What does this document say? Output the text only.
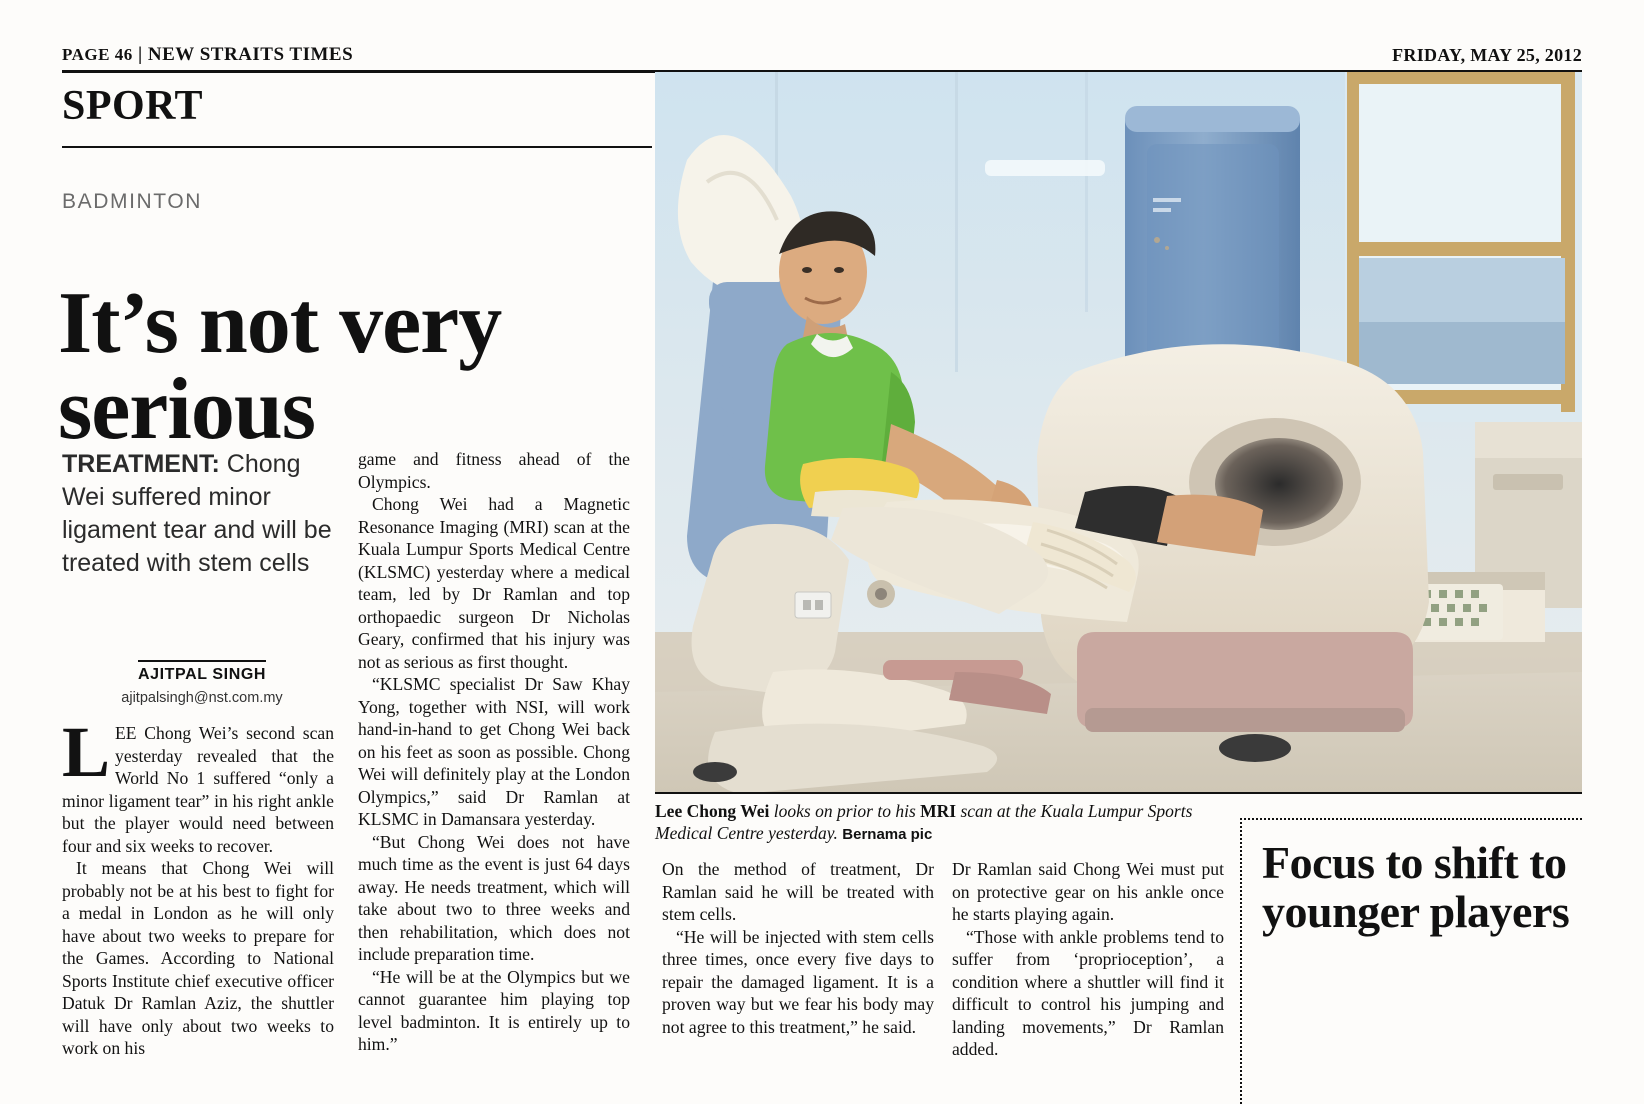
PAGE 46 | NEW STRAITS TIMES	FRIDAY, MAY 25, 2012
SPORT
BADMINTON
It’s not very serious
TREATMENT: Chong Wei suffered minor ligament tear and will be treated with stem cells
AJITPAL SINGH
ajitpalsingh@nst.com.my

LEE Chong Wei’s second scan yesterday revealed that the World No 1 suffered “only a minor ligament tear” in his right ankle but the player would need between four and six weeks to recover.

It means that Chong Wei will probably not be at his best to fight for a medal in London as he will only have about two weeks to prepare for the Games. According to National Sports Institute chief executive officer Datuk Dr Ramlan Aziz, the shuttler will have only about two weeks to work on his

game and fitness ahead of the Olympics.

Chong Wei had a Magnetic Resonance Imaging (MRI) scan at the Kuala Lumpur Sports Medical Centre (KLSMC) yesterday where a medical team, led by Dr Ramlan and top orthopaedic surgeon Dr Nicholas Geary, confirmed that his injury was not as serious as first thought.

“KLSMC specialist Dr Saw Khay Yong, together with NSI, will work hand-in-hand to get Chong Wei back on his feet as soon as possible. Chong Wei will definitely play at the London Olympics,” said Dr Ramlan at KLSMC in Damansara yesterday.

“But Chong Wei does not have much time as the event is just 64 days away. He needs treatment, which will take about two to three weeks and then rehabilitation, which does not include preparation time.

“He will be at the Olympics but we cannot guarantee him playing top level badminton. It is entirely up to him.”

On the method of treatment, Dr Ramlan said he will be treated with stem cells.

“He will be injected with stem cells three times, once every five days to repair the damaged ligament. It is a proven way but we fear his body may not agree to this treatment,” he said.

Dr Ramlan said Chong Wei must put on protective gear on his ankle once he starts playing again.

“Those with ankle problems tend to suffer from ‘proprioception’, a condition where a shuttler will find it difficult to control his jumping and landing movements,” Dr Ramlan added.

Lee Chong Wei looks on prior to his MRI scan at the Kuala Lumpur Sports Medical Centre yesterday. Bernama pic
Focus to shift to younger players
